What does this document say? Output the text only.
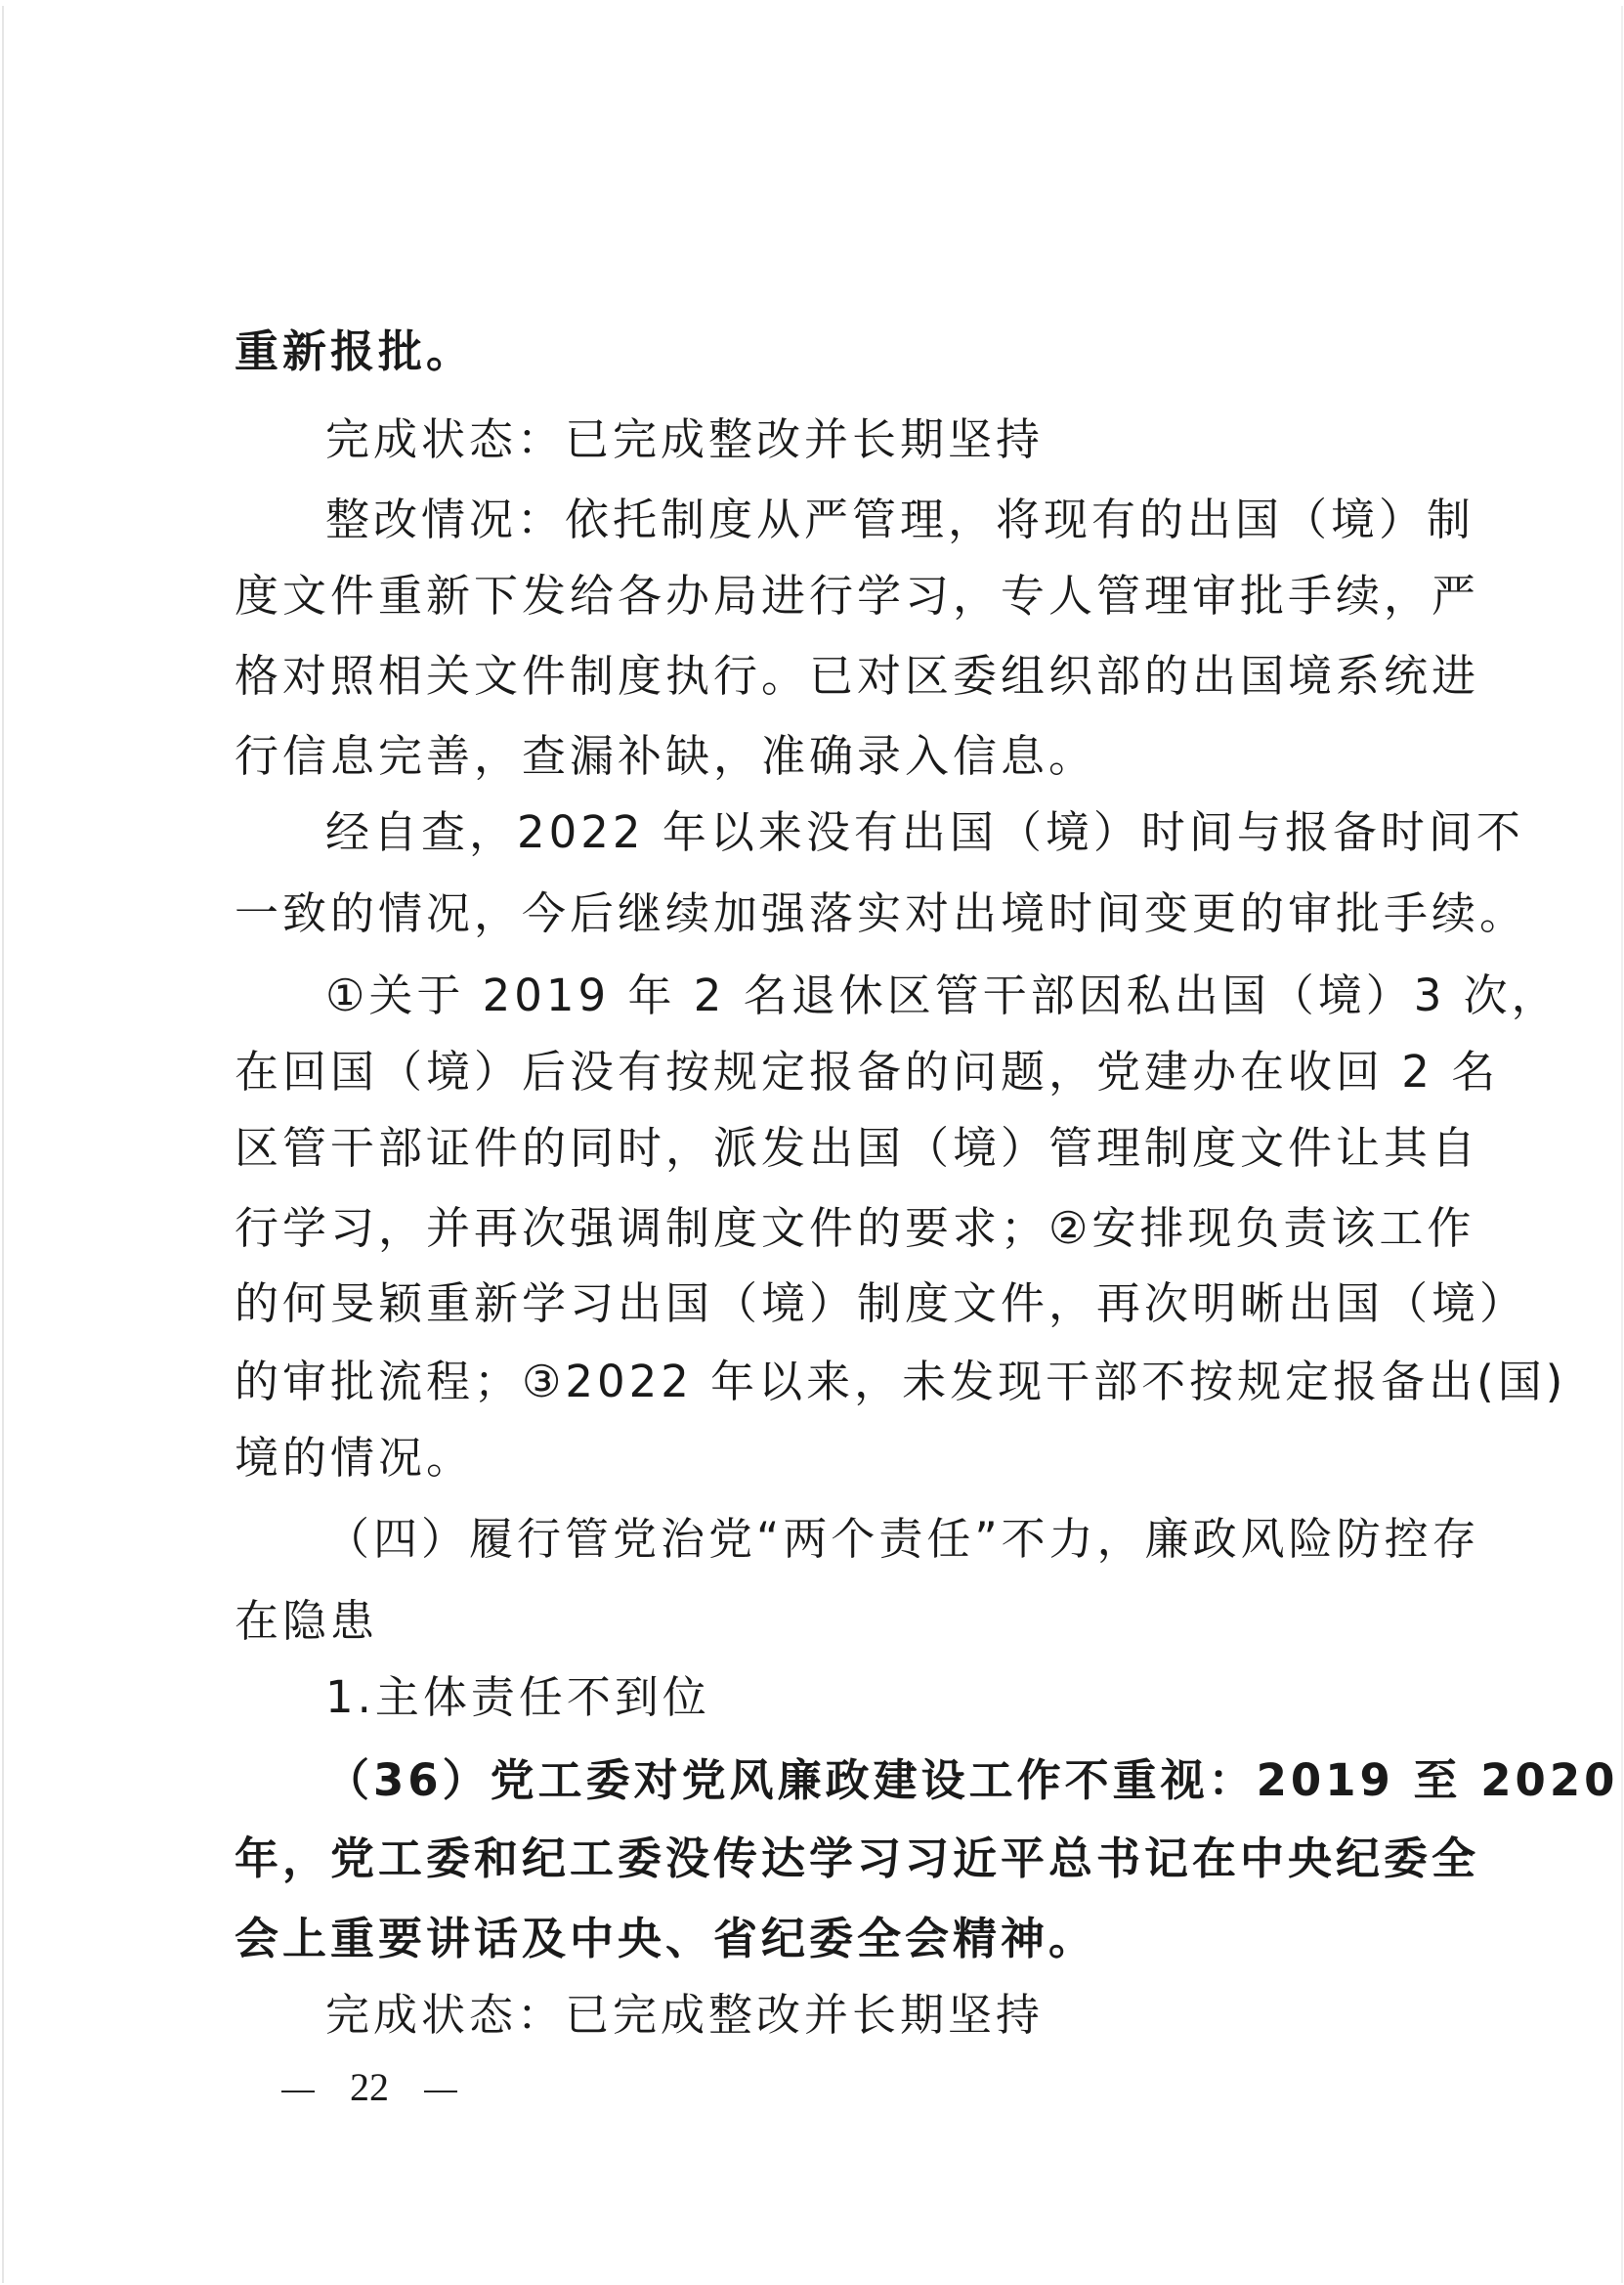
重新报批。
完成状态：已完成整改并长期坚持
整改情况：依托制度从严管理，将现有的出国（境）制
度文件重新下发给各办局进行学习，专人管理审批手续，严
格对照相关文件制度执行。已对区委组织部的出国境系统进
行信息完善，查漏补缺，准确录入信息。
经自查，2022 年以来没有出国（境）时间与报备时间不
一致的情况，今后继续加强落实对出境时间变更的审批手续。
①关于 2019 年 2 名退休区管干部因私出国（境）3 次，
在回国（境）后没有按规定报备的问题，党建办在收回 2 名
区管干部证件的同时，派发出国（境）管理制度文件让其自
行学习，并再次强调制度文件的要求；②安排现负责该工作
的何旻颖重新学习出国（境）制度文件，再次明晰出国（境）
的审批流程；③2022 年以来，未发现干部不按规定报备出(国)
境的情况。
（四）履行管党治党“两个责任”不力，廉政风险防控存
在隐患
1.主体责任不到位
（36）党工委对党风廉政建设工作不重视：2019 至 2020
年，党工委和纪工委没传达学习习近平总书记在中央纪委全
会上重要讲话及中央、省纪委全会精神。
完成状态：已完成整改并长期坚持
22
